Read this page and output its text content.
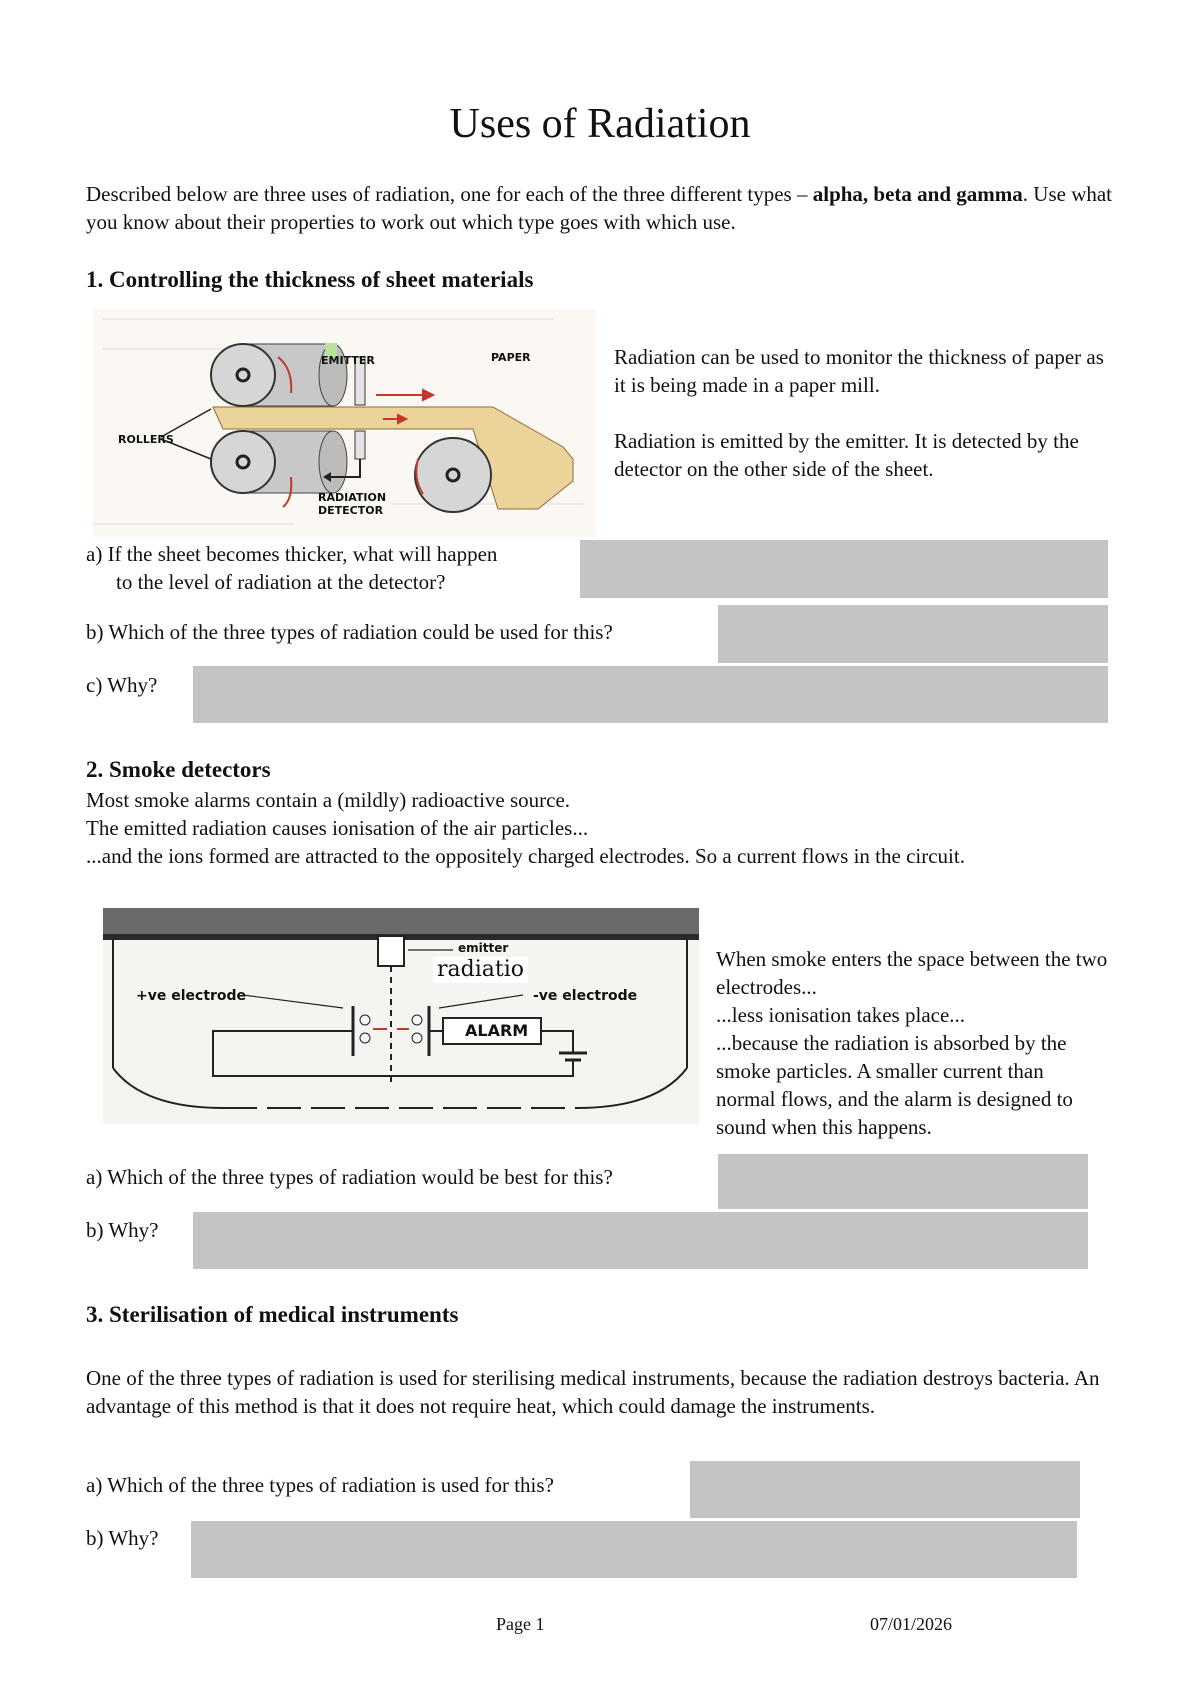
Uses of Radiation
Described below are three uses of radiation, one for each of the three different types – alpha, beta and gamma. Use what you know about their properties to work out which type goes with which use.
1. Controlling the thickness of sheet materials
EMITTER	PAPER
ROLLERS
RADIATION
DETECTOR
Radiation can be used to monitor the thickness of paper as it is being made in a paper mill.
Radiation is emitted by the emitter. It is detected by the detector on the other side of the sheet.
a) If the sheet becomes thicker, what will happen
to the level of radiation at the detector?
b) Which of the three types of radiation could be used for this?
c) Why?
2. Smoke detectors
Most smoke alarms contain a (mildly) radioactive source.
The emitted radiation causes ionisation of the air particles...
...and the ions formed are attracted to the oppositely charged electrodes. So a current flows in the circuit.
emitter
radiatio
+ve electrode	-ve electrode
ALARM
When smoke enters the space between the two electrodes...
...less ionisation takes place...
...because the radiation is absorbed by the smoke particles. A smaller current than normal flows, and the alarm is designed to sound when this happens.
a) Which of the three types of radiation would be best for this?
b) Why?
3. Sterilisation of medical instruments
One of the three types of radiation is used for sterilising medical instruments, because the radiation destroys bacteria. An advantage of this method is that it does not require heat, which could damage the instruments.
a) Which of the three types of radiation is used for this?
b) Why?
Page 1	07/01/2026
